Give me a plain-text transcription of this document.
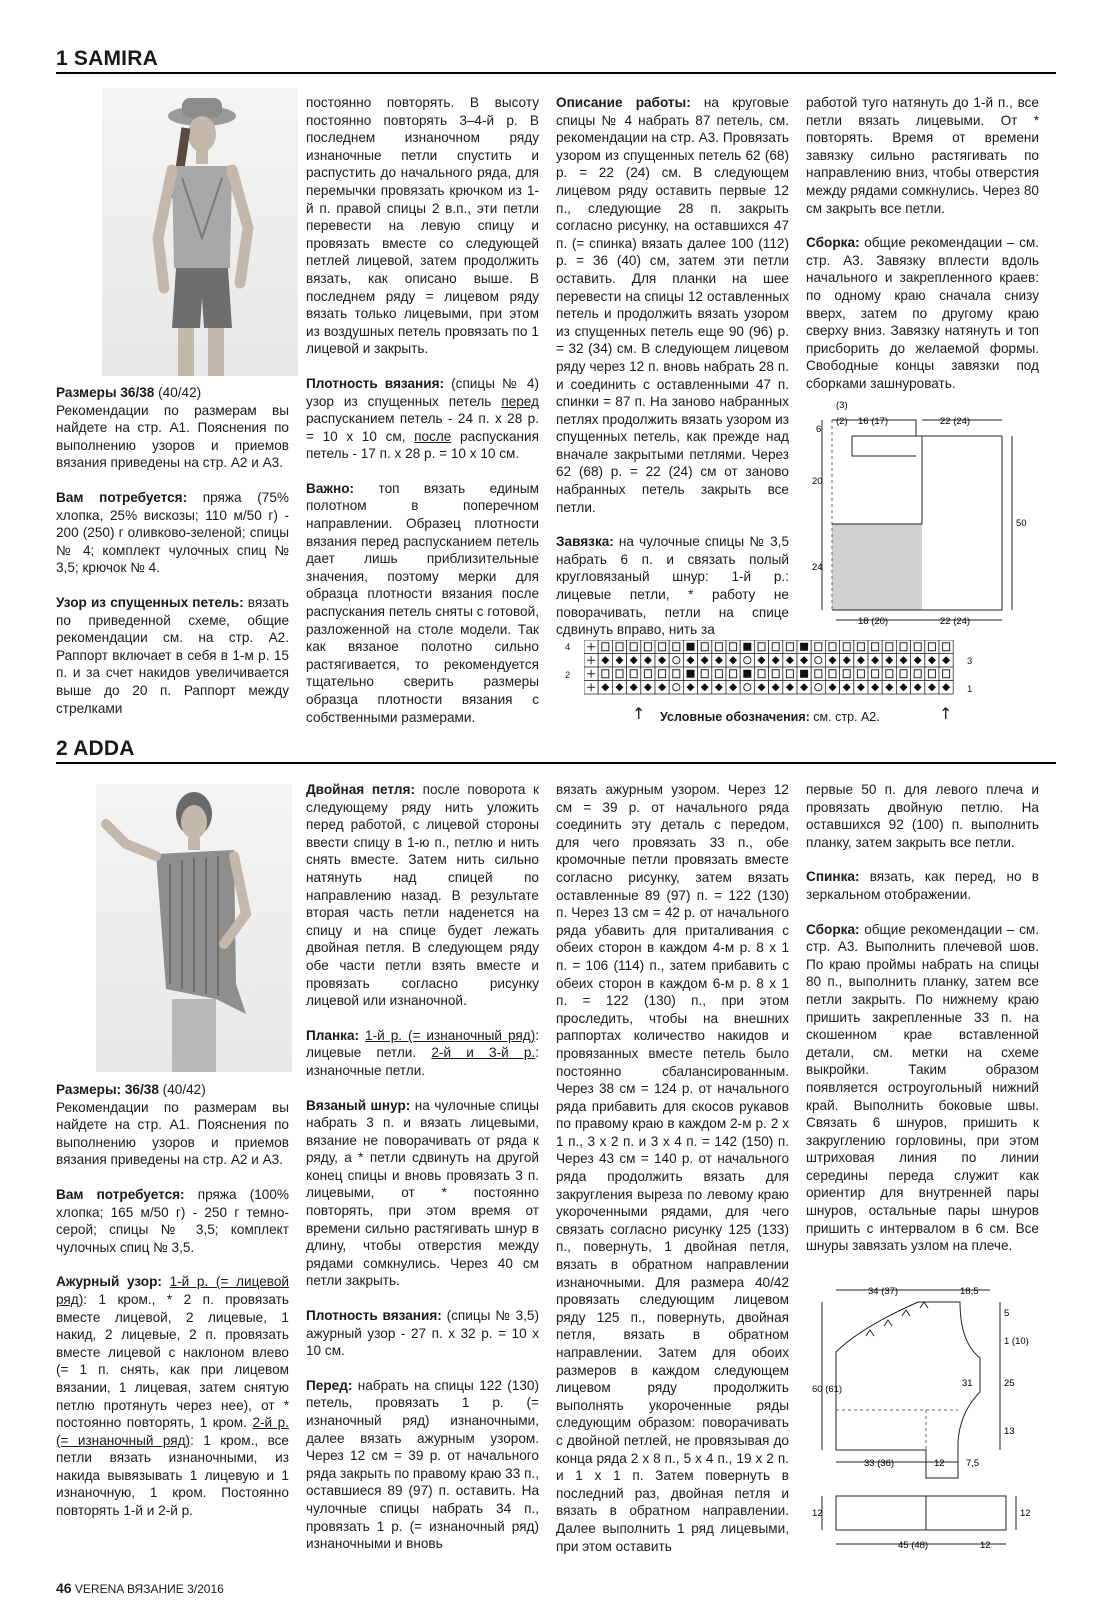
1 SAMIRA

Размеры 36/38 (40/42)
Рекомендации по размерам вы найдете на стр. А1. Пояснения по выполнению узоров и приемов вязания приведены на стр. А2 и А3.

Вам потребуется: пряжа (75% хлопка, 25% вискозы; 110 м/50 г) - 200 (250) г оливково-зеленой; спицы № 4; комплект чулочных спиц № 3,5; крючок № 4.

Узор из спущенных петель: вязать по приведенной схеме, общие рекомендации см. на стр. А2. Раппорт включает в себя в 1-м р. 15 п. и за счет накидов увеличивается выше до 20 п. Раппорт между стрелками

постоянно повторять. В высоту постоянно повторять 3–4-й р. В последнем изнаночном ряду изнаночные петли спустить и распустить до начального ряда, для перемычки провязать крючком из 1-й п. правой спицы 2 в.п., эти петли перевести на левую спицу и провязать вместе со следующей петлей лицевой, затем продолжить вязать, как описано выше. В последнем ряду = лицевом ряду вязать только лицевыми, при этом из воздушных петель провязать по 1 лицевой и закрыть.

Плотность вязания: (спицы № 4) узор из спущенных петель перед распусканием петель - 24 п. х 28 р. = 10 х 10 см, после распускания петель - 17 п. х 28 р. = 10 х 10 см.

Важно: топ вязать единым полотном в поперечном направлении. Образец плотности вязания перед распусканием петель дает лишь приблизительные значения, поэтому мерки для образца плотности вязания после распускания петель сняты с готовой, разложенной на столе модели. Так как вязаное полотно сильно растягивается, то рекомендуется тщательно сверить размеры образца плотности вязания с собственными размерами.

Описание работы: на круговые спицы № 4 набрать 87 петель, см. рекомендации на стр. А3. Провязать узором из спущенных петель 62 (68) р. = 22 (24) см. В следующем лицевом ряду оставить первые 12 п., следующие 28 п. закрыть согласно рисунку, на оставшихся 47 п. (= спинка) вязать далее 100 (112) р. = 36 (40) см, затем эти петли оставить. Для планки на шее перевести на спицы 12 оставленных петель и продолжить вязать узором из спущенных петель еще 90 (96) р. = 32 (34) см. В следующем лицевом ряду через 12 п. вновь набрать 28 п. и соединить с оставленными 47 п. спинки = 87 п. На заново набранных петлях продолжить вязать узором из спущенных петель, как прежде над вначале закрытыми петлями. Через 62 (68) р. = 22 (24) см от заново набранных петель закрыть все петли.

Завязка: на чулочные спицы № 3,5 набрать 6 п. и связать полый кругловязаный шнур: 1-й р.: лицевые петли, * работу не поворачивать, петли на спице сдвинуть вправо, нить за

работой туго натянуть до 1-й п., все петли вязать лицевыми. От * повторять. Время от времени завязку сильно растягивать по направлению вниз, чтобы отверстия между рядами сомкнулись. Через 80 см закрыть все петли.

Сборка: общие рекомендации – см. стр. А3. Завязку вплести вдоль начального и закрепленного краев: по одному краю сначала снизу вверх, затем по другому краю сверху вниз. Завязку натянуть и топ присборить до желаемой формы. Свободные концы завязки под сборками зашнуровать.

(3)
(2) 16 (17)	22 (24)
6
20
24
50
18 (20)	22 (24)
4
2
3
1
↑	↑
Условные обозначения: см. стр. А2.
2 ADDA

Размеры: 36/38 (40/42)
Рекомендации по размерам вы найдете на стр. А1. Пояснения по выполнению узоров и приемов вязания приведены на стр. А2 и А3.

Вам потребуется: пряжа (100% хлопка; 165 м/50 г) - 250 г темно-серой; спицы № 3,5; комплект чулочных спиц № 3,5.

Ажурный узор: 1-й р. (= лицевой ряд): 1 кром., * 2 п. провязать вместе лицевой, 2 лицевые, 1 накид, 2 лицевые, 2 п. провязать вместе лицевой с наклоном влево (= 1 п. снять, как при лицевом вязании, 1 лицевая, затем снятую петлю протянуть через нее), от * постоянно повторять, 1 кром. 2-й р. (= изнаночный ряд): 1 кром., все петли вязать изнаночными, из накида вывязывать 1 лицевую и 1 изнаночную, 1 кром. Постоянно повторять 1-й и 2-й р.

Двойная петля: после поворота к следующему ряду нить уложить перед работой, с лицевой стороны ввести спицу в 1-ю п., петлю и нить снять вместе. Затем нить сильно натянуть над спицей по направлению назад. В результате вторая часть петли наденется на спицу и на спице будет лежать двойная петля. В следующем ряду обе части петли взять вместе и провязать согласно рисунку лицевой или изнаночной.

Планка: 1-й р. (= изнаночный ряд): лицевые петли. 2-й и 3-й р.: изнаночные петли.

Вязаный шнур: на чулочные спицы набрать 3 п. и вязать лицевыми, вязание не поворачивать от ряда к ряду, а * петли сдвинуть на другой конец спицы и вновь провязать 3 п. лицевыми, от * постоянно повторять, при этом время от времени сильно растягивать шнур в длину, чтобы отверстия между рядами сомкнулись. Через 40 см петли закрыть.

Плотность вязания: (спицы № 3,5) ажурный узор - 27 п. х 32 р. = 10 х 10 см.

Перед: набрать на спицы 122 (130) петель, провязать 1 р. (= изнаночный ряд) изнаночными, далее вязать ажурным узором. Через 12 см = 39 р. от начального ряда закрыть по правому краю 33 п., оставшиеся 89 (97) п. оставить. На чулочные спицы набрать 34 п., провязать 1 р. (= изнаночный ряд) изнаночными и вновь

вязать ажурным узором. Через 12 см = 39 р. от начального ряда соединить эту деталь с передом, для чего провязать 33 п., обе кромочные петли провязать вместе согласно рисунку, затем вязать оставленные 89 (97) п. = 122 (130) п. Через 13 см = 42 р. от начального ряда убавить для приталивания с обеих сторон в каждом 4-м р. 8 х 1 п. = 106 (114) п., затем прибавить с обеих сторон в каждом 6-м р. 8 х 1 п. = 122 (130) п., при этом проследить, чтобы на внешних раппортах количество накидов и провязанных вместе петель было постоянно сбалансированным. Через 38 см = 124 р. от начального ряда прибавить для скосов рукавов по правому краю в каждом 2-м р. 2 х 1 п., 3 х 2 п. и 3 х 4 п. = 142 (150) п. Через 43 см = 140 р. от начального ряда продолжить вязать для закругления выреза по левому краю укороченными рядами, для чего связать согласно рисунку 125 (133) п., повернуть, 1 двойная петля, вязать в обратном направлении изнаночными. Для размера 40/42 провязать следующим лицевом ряду 125 п., повернуть, двойная петля, вязать в обратном направлении. Затем для обоих размеров в каждом следующем лицевом ряду продолжить выполнять укороченные ряды следующим образом: поворачивать с двойной петлей, не провязывая до конца ряда 2 х 8 п., 5 х 4 п., 19 х 2 п. и 1 х 1 п. Затем повернуть в последний раз, двойная петля и вязать в обратном направлении. Далее выполнить 1 ряд лицевыми, при этом оставить

первые 50 п. для левого плеча и провязать двойную петлю. На оставшихся 92 (100) п. выполнить планку, затем закрыть все петли.

Спинка: вязать, как перед, но в зеркальном отображении.

Сборка: общие рекомендации – см. стр. А3. Выполнить плечевой шов. По краю проймы набрать на спицы 80 п., выполнить планку, затем все петли закрыть. По нижнему краю пришить закрепленные 33 п. на скошенном крае вставленной детали, см. метки на схеме выкройки. Таким образом появляется остроугольный нижний край. Выполнить боковые швы. Связать 6 шнуров, пришить к закруглению горловины, при этом штриховая линия по линии середины переда служит как ориентир для внутренней пары шнуров, остальные пары шнуров пришить с интервалом в 6 см. Все шнуры завязать узлом на плече.

34 (37)	18,5
5
1 (10)
60 (61)
31	25
13
33 (36)	12 7,5
12	12
45 (48)	12
46 VERENA ВЯЗАНИЕ 3/2016
